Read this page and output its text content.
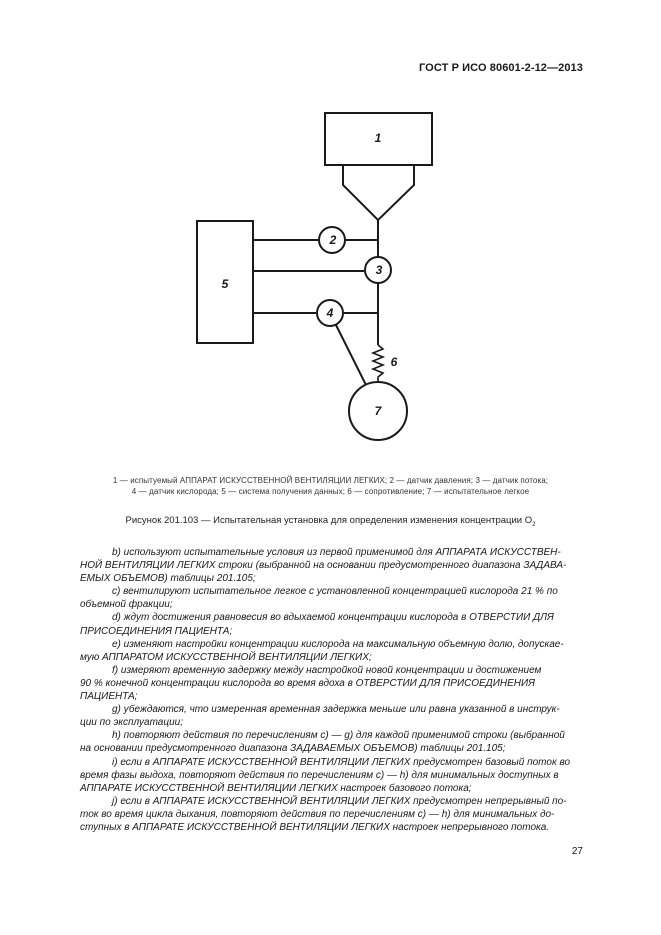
ГОСТ Р ИСО 80601-2-12—2013
1
2
3
4
5
6
7
1 — испытуемый АППАРАТ ИСКУССТВЕННОЙ ВЕНТИЛЯЦИИ ЛЕГКИХ; 2 — датчик давления; 3 — датчик потока;
4 — датчик кислорода; 5 — система получения данных; 6 — сопротивление; 7 — испытательное легкое
Рисунок 201.103 — Испытательная установка для определения изменения концентрации $O_2$

b) используют испытательные условия из первой применимой для АППАРАТА ИСКУССТВЕН-

НОЙ ВЕНТИЛЯЦИИ ЛЕГКИХ строки (выбранной на основании предусмотренного диапазона ЗАДАВА-

ЕМЫХ ОБЪЕМОВ) таблицы 201.105;

c) вентилируют испытательное легкое с установленной концентрацией кислорода 21 % по

объемной фракции;

d) ждут достижения равновесия во вдыхаемой концентрации кислорода в ОТВЕРСТИИ ДЛЯ

ПРИСОЕДИНЕНИЯ ПАЦИЕНТА;

e) изменяют настройки концентрации кислорода на максимальную объемную долю, допускае-

мую АППАРАТОМ ИСКУССТВЕННОЙ ВЕНТИЛЯЦИИ ЛЕГКИХ;

f) измеряют временную задержку между настройкой новой концентрации и достижением

90 % конечной концентрации кислорода во время вдоха в ОТВЕРСТИИ ДЛЯ ПРИСОЕДИНЕНИЯ

ПАЦИЕНТА;

g) убеждаются, что измеренная временная задержка меньше или равна указанной в инструк-

ции по эксплуатации;

h) повторяют действия по перечислениям c) — g) для каждой применимой строки (выбранной

на основании предусмотренного диапазона ЗАДАВАЕМЫХ ОБЪЕМОВ) таблицы 201.105;

i) если в АППАРАТЕ ИСКУССТВЕННОЙ ВЕНТИЛЯЦИИ ЛЕГКИХ предусмотрен базовый поток во

время фазы выдоха, повторяют действия по перечислениям c) — h) для минимальных доступных в

АППАРАТЕ ИСКУССТВЕННОЙ ВЕНТИЛЯЦИИ ЛЕГКИХ настроек базового потока;

j) если в АППАРАТЕ ИСКУССТВЕННОЙ ВЕНТИЛЯЦИИ ЛЕГКИХ предусмотрен непрерывный по-

ток во время цикла дыхания, повторяют действия по перечислениям c) — h) для минимальных до-

ступных в АППАРАТЕ ИСКУССТВЕННОЙ ВЕНТИЛЯЦИИ ЛЕГКИХ настроек непрерывного потока.

27
